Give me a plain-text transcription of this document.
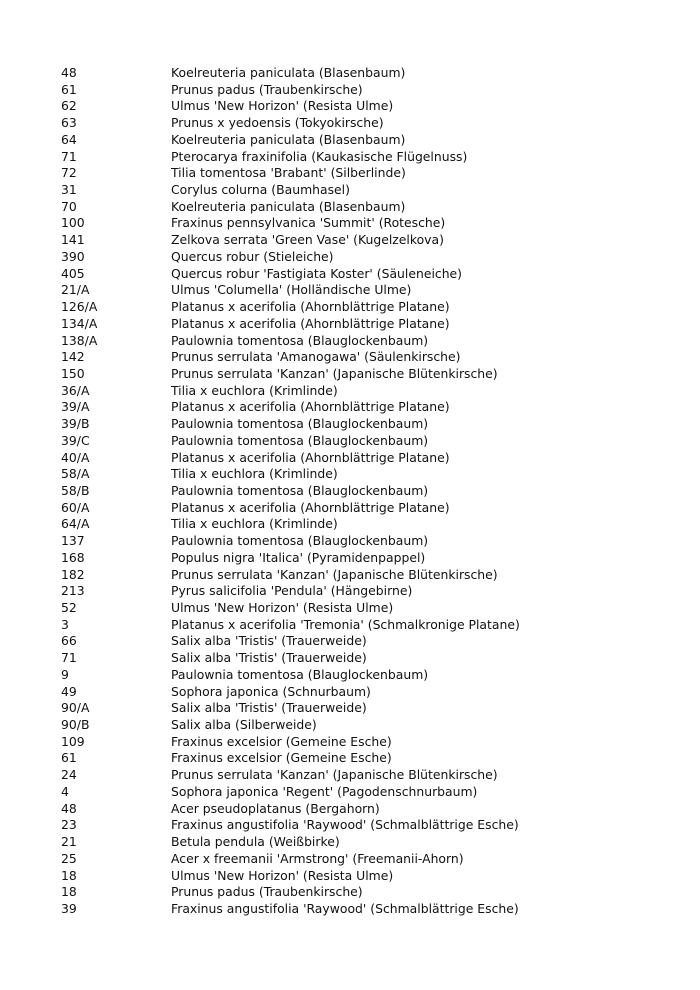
48	Koelreuteria paniculata (Blasenbaum)
61	Prunus padus (Traubenkirsche)
62	Ulmus 'New Horizon' (Resista Ulme)
63	Prunus x yedoensis (Tokyokirsche)
64	Koelreuteria paniculata (Blasenbaum)
71	Pterocarya fraxinifolia (Kaukasische Flügelnuss)
72	Tilia tomentosa 'Brabant' (Silberlinde)
31	Corylus colurna (Baumhasel)
70	Koelreuteria paniculata (Blasenbaum)
100	Fraxinus pennsylvanica 'Summit' (Rotesche)
141	Zelkova serrata 'Green Vase' (Kugelzelkova)
390	Quercus robur (Stieleiche)
405	Quercus robur 'Fastigiata Koster' (Säuleneiche)
21/A	Ulmus 'Columella' (Holländische Ulme)
126/A	Platanus x acerifolia (Ahornblättrige Platane)
134/A	Platanus x acerifolia (Ahornblättrige Platane)
138/A	Paulownia tomentosa (Blauglockenbaum)
142	Prunus serrulata 'Amanogawa' (Säulenkirsche)
150	Prunus serrulata 'Kanzan' (Japanische Blütenkirsche)
36/A	Tilia x euchlora (Krimlinde)
39/A	Platanus x acerifolia (Ahornblättrige Platane)
39/B	Paulownia tomentosa (Blauglockenbaum)
39/C	Paulownia tomentosa (Blauglockenbaum)
40/A	Platanus x acerifolia (Ahornblättrige Platane)
58/A	Tilia x euchlora (Krimlinde)
58/B	Paulownia tomentosa (Blauglockenbaum)
60/A	Platanus x acerifolia (Ahornblättrige Platane)
64/A	Tilia x euchlora (Krimlinde)
137	Paulownia tomentosa (Blauglockenbaum)
168	Populus nigra 'Italica' (Pyramidenpappel)
182	Prunus serrulata 'Kanzan' (Japanische Blütenkirsche)
213	Pyrus salicifolia 'Pendula' (Hängebirne)
52	Ulmus 'New Horizon' (Resista Ulme)
3	Platanus x acerifolia 'Tremonia' (Schmalkronige Platane)
66	Salix alba 'Tristis' (Trauerweide)
71	Salix alba 'Tristis' (Trauerweide)
9	Paulownia tomentosa (Blauglockenbaum)
49	Sophora japonica (Schnurbaum)
90/A	Salix alba 'Tristis' (Trauerweide)
90/B	Salix alba (Silberweide)
109	Fraxinus excelsior (Gemeine Esche)
61	Fraxinus excelsior (Gemeine Esche)
24	Prunus serrulata 'Kanzan' (Japanische Blütenkirsche)
4	Sophora japonica 'Regent' (Pagodenschnurbaum)
48	Acer pseudoplatanus (Bergahorn)
23	Fraxinus angustifolia 'Raywood' (Schmalblättrige Esche)
21	Betula pendula (Weißbirke)
25	Acer x freemanii 'Armstrong' (Freemanii-Ahorn)
18	Ulmus 'New Horizon' (Resista Ulme)
18	Prunus padus (Traubenkirsche)
39	Fraxinus angustifolia 'Raywood' (Schmalblättrige Esche)
